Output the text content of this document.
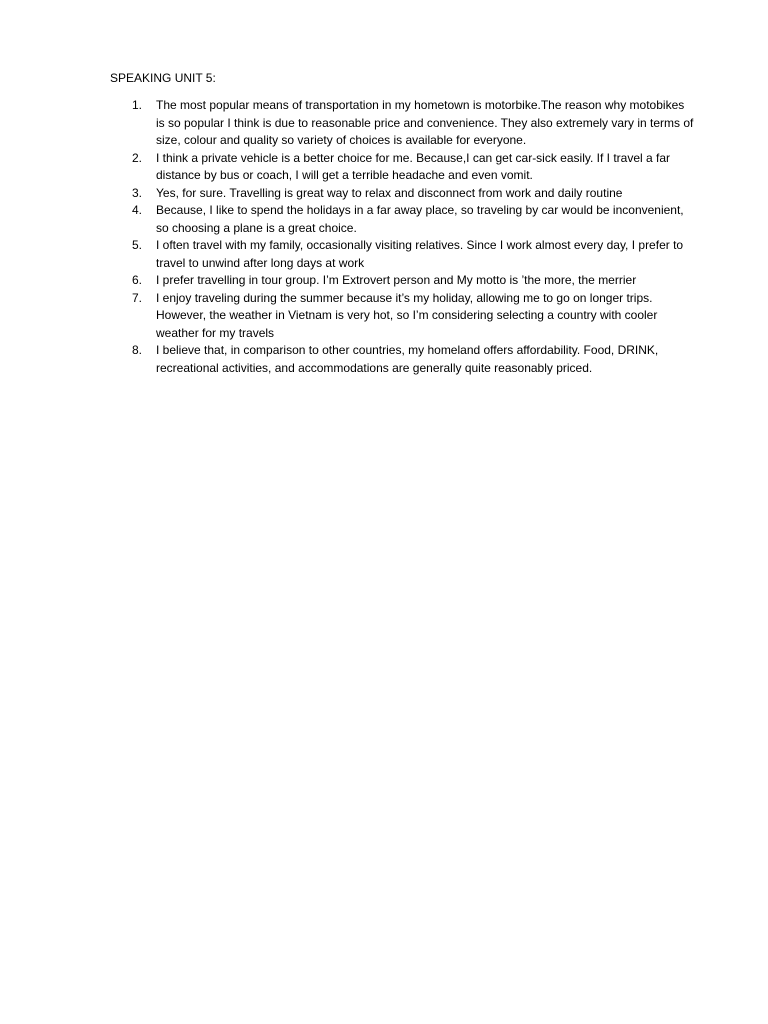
SPEAKING UNIT 5:
1.	The most popular means of transportation in my hometown is motorbike.The reason why motobikes is so popular I think is due to reasonable price and convenience. They also extremely vary in terms of size, colour and quality so variety of choices is available for everyone.
2.	I think a private vehicle is a better choice for me. Because,I can get car-sick easily. If I travel a far distance by bus or coach, I will get a terrible headache and even vomit.
3.	Yes, for sure. Travelling is great way to relax and disconnect from work and daily routine
4.	Because, I like to spend the holidays in a far away place, so traveling by car would be inconvenient, so choosing a plane is a great choice.
5.	I often travel with my family, occasionally visiting relatives. Since I work almost every day, I prefer to travel to unwind after long days at work
6.	I prefer travelling in tour group. I’m Extrovert person and My motto is ’the more, the merrier
7.	I enjoy traveling during the summer because it’s my holiday, allowing me to go on longer trips. However, the weather in Vietnam is very hot, so I’m considering selecting a country with cooler weather for my travels
8.	I believe that, in comparison to other countries, my homeland offers affordability. Food, DRINK, recreational activities, and accommodations are generally quite reasonably priced.
